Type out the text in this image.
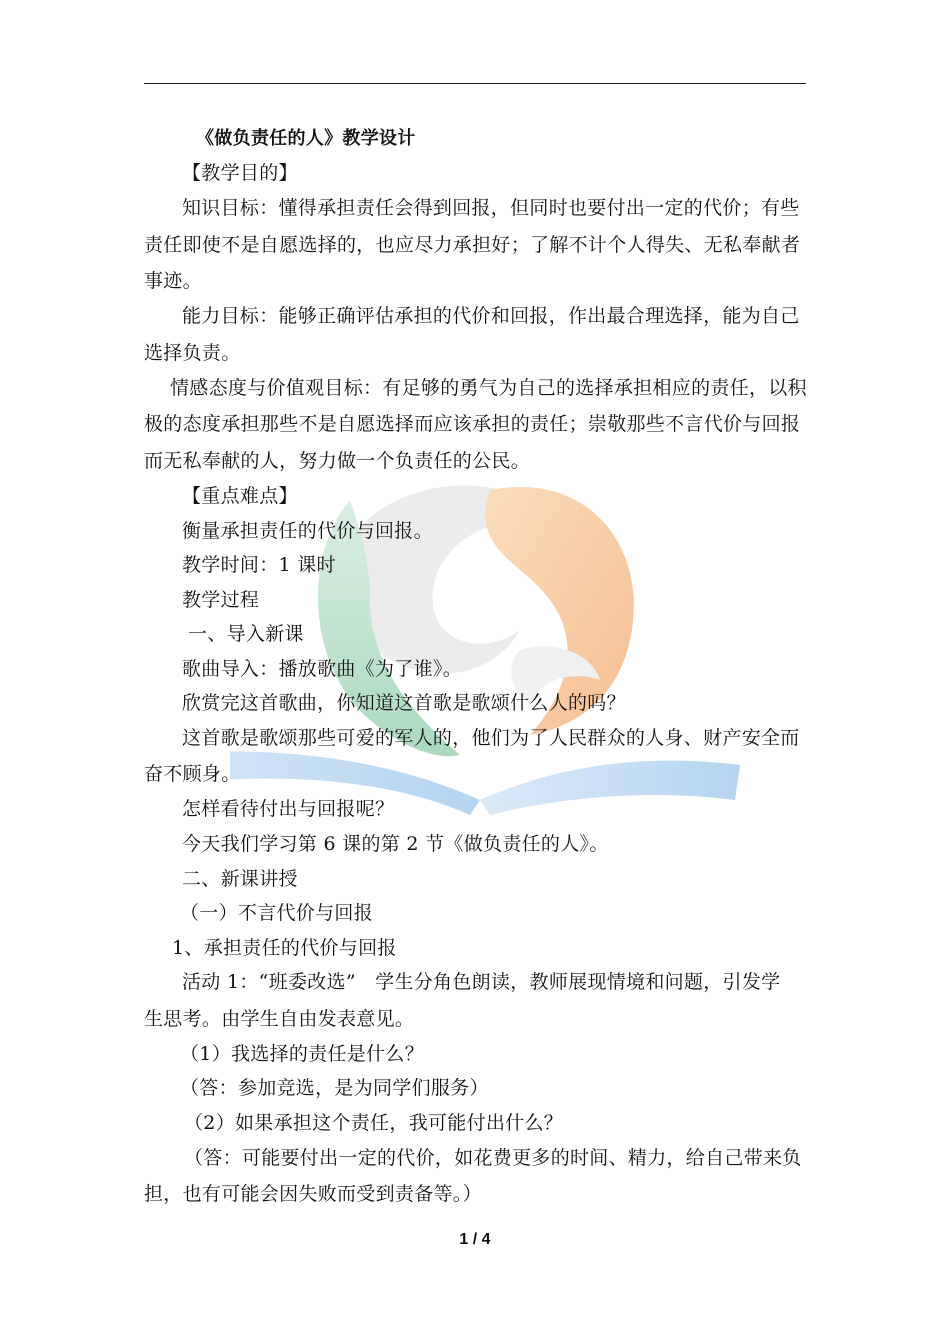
《做负责任的人》教学设计
【教学目的】
知识目标：懂得承担责任会得到回报，但同时也要付出一定的代价；有些
责任即使不是自愿选择的，也应尽力承担好；了解不计个人得失、无私奉献者
事迹。
能力目标：能够正确评估承担的代价和回报，作出最合理选择，能为自己
选择负责。
情感态度与价值观目标：有足够的勇气为自己的选择承担相应的责任，以积
极的态度承担那些不是自愿选择而应该承担的责任；崇敬那些不言代价与回报
而无私奉献的人，努力做一个负责任的公民。
【重点难点】
衡量承担责任的代价与回报。
教学时间：1 课时
教学过程
一、导入新课
歌曲导入：播放歌曲《为了谁》。
欣赏完这首歌曲，你知道这首歌是歌颂什么人的吗？
这首歌是歌颂那些可爱的军人的，他们为了人民群众的人身、财产安全而
奋不顾身。
怎样看待付出与回报呢？
今天我们学习第 6 课的第 2 节《做负责任的人》。
二、新课讲授
（一）不言代价与回报
1、承担责任的代价与回报
活动 1：“班委改选”　学生分角色朗读，教师展现情境和问题，引发学
生思考。由学生自由发表意见。
（1）我选择的责任是什么？
（答：参加竞选，是为同学们服务）
（2）如果承担这个责任，我可能付出什么？
（答：可能要付出一定的代价，如花费更多的时间、精力，给自己带来负
担，也有可能会因失败而受到责备等。）
1 / 4
